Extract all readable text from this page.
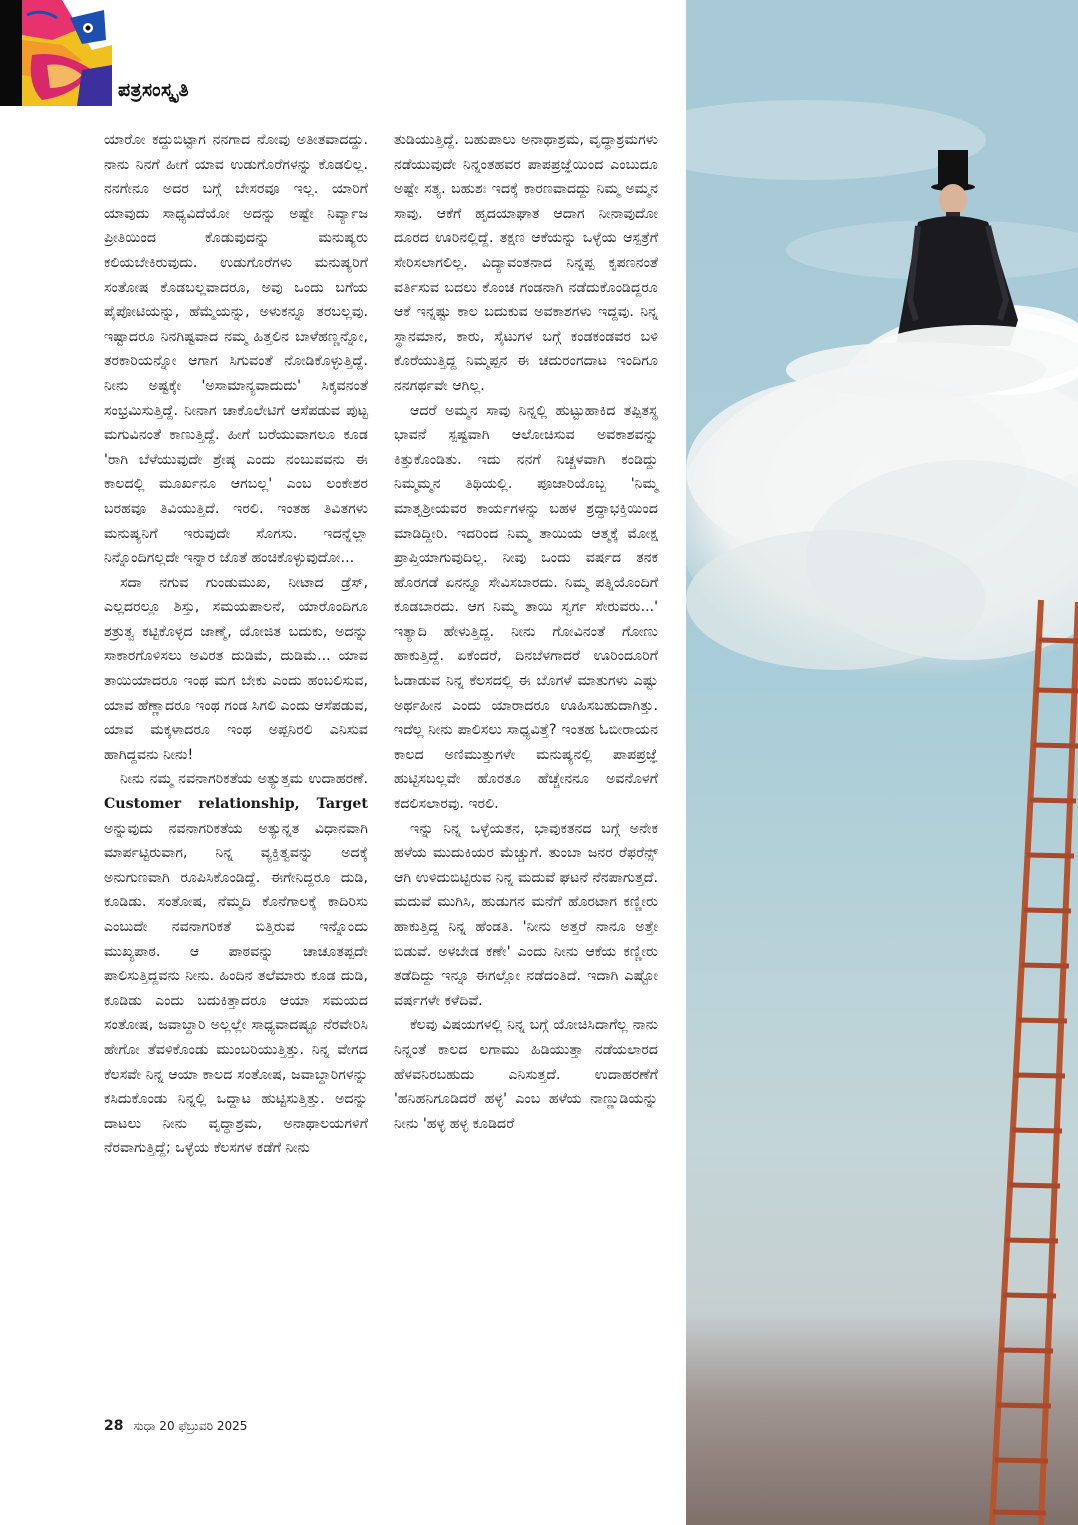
ಪತ್ರಸಂಸ್ಕೃತಿ

ಯಾರೋ ಕದ್ದುಬಿಟ್ಟಾಗ ನನಗಾದ ನೋವು ಅತೀತವಾದದ್ದು. ನಾನು ನಿನಗೆ ಹೀಗೆ ಯಾವ ಉಡುಗೊರೆಗಳನ್ನು ಕೊಡಲಿಲ್ಲ. ನನಗೇನೂ ಅದರ ಬಗ್ಗೆ ಬೇಸರವೂ ಇಲ್ಲ. ಯಾರಿಗೆ ಯಾವುದು ಸಾಧ್ಯವಿದೆಯೋ ಅದನ್ನು ಅಷ್ಟೇ ನಿರ್ವ್ಯಾಜ ಪ್ರೀತಿಯಿಂದ ಕೊಡುವುದನ್ನು ಮನುಷ್ಯರು ಕಲಿಯಬೇಕಿರುವುದು. ಉಡುಗೊರೆಗಳು ಮನುಷ್ಯರಿಗೆ ಸಂತೋಷ ಕೊಡಬಲ್ಲವಾದರೂ, ಅವು ಒಂದು ಬಗೆಯ ಪೈಪೋಟಿಯನ್ನು, ಹೆಮ್ಮೆಯನ್ನು, ಅಳುಕನ್ನೂ ತರಬಲ್ಲವು. ಇಷ್ಟಾದರೂ ನಿನಗಿಷ್ಟವಾದ ನಮ್ಮ ಹಿತ್ತಲಿನ ಬಾಳೆಹಣ್ಣನ್ನೋ, ತರಕಾರಿಯನ್ನೋ ಆಗಾಗ ಸಿಗುವಂತೆ ನೋಡಿಕೊಳ್ಳುತ್ತಿದ್ದೆ. ನೀನು ಅಷ್ಟಕ್ಕೇ 'ಅಸಾಮಾನ್ಯವಾದುದು' ಸಿಕ್ಕವನಂತೆ ಸಂಭ್ರಮಿಸುತ್ತಿದ್ದೆ. ನೀನಾಗ ಚಾಕೊಲೇಟಿಗೆ ಆಸೆಪಡುವ ಪುಟ್ಟ ಮಗುವಿನಂತೆ ಕಾಣುತ್ತಿದ್ದೆ. ಹೀಗೆ ಬರೆಯುವಾಗಲೂ ಕೂಡ 'ರಾಗಿ ಬೆಳೆಯುವುದೇ ಶ್ರೇಷ್ಠ ಎಂದು ನಂಬುವವನು ಈ ಕಾಲದಲ್ಲಿ ಮೂರ್ಖನೂ ಆಗಬಲ್ಲ' ಎಂಬ ಲಂಕೇಶರ ಬರಹವೂ ತಿವಿಯುತ್ತಿದೆ. ಇರಲಿ. ಇಂತಹ ತಿವಿತಗಳು ಮನುಷ್ಯನಿಗೆ ಇರುವುದೇ ಸೊಗಸು. ಇದನ್ನೆಲ್ಲಾ ನಿನ್ನೊಂದಿಗಲ್ಲದೇ ಇನ್ನಾರ ಜೊತೆ ಹಂಚಿಕೊಳ್ಳುವುದೋ...

ಸದಾ ನಗುವ ಗುಂಡುಮುಖ, ನೀಟಾದ ಡ್ರೆಸ್, ಎಲ್ಲದರಲ್ಲೂ ಶಿಸ್ತು, ಸಮಯಪಾಲನೆ, ಯಾರೊಂದಿಗೂ ಶತ್ರುತ್ವ ಕಟ್ಟಿಕೊಳ್ಳದ ಜಾಣ್ಮೆ, ಯೋಜಿತ ಬದುಕು, ಅದನ್ನು ಸಾಕಾರಗೊಳಿಸಲು ಅವಿರತ ದುಡಿಮೆ, ದುಡಿಮೆ... ಯಾವ ತಾಯಿಯಾದರೂ ಇಂಥ ಮಗ ಬೇಕು ಎಂದು ಹಂಬಲಿಸುವ, ಯಾವ ಹೆಣ್ಣಾದರೂ ಇಂಥ ಗಂಡ ಸಿಗಲಿ ಎಂದು ಆಸೆಪಡುವ, ಯಾವ ಮಕ್ಕಳಾದರೂ ಇಂಥ ಅಪ್ಪನಿರಲಿ ಎನಿಸುವ ಹಾಗಿದ್ದವನು ನೀನು!

ನೀನು ನಮ್ಮ ನವನಾಗರಿಕತೆಯ ಅತ್ಯುತ್ತಮ ಉದಾಹರಣೆ. Customer relationship, Target ಅನ್ನುವುದು ನವನಾಗರಿಕತೆಯ ಅತ್ಯುನ್ನತ ವಿಧಾನವಾಗಿ ಮಾರ್ಪಟ್ಟಿರುವಾಗ, ನಿನ್ನ ವ್ಯಕ್ತಿತ್ವವನ್ನು ಅದಕ್ಕೆ ಅನುಗುಣವಾಗಿ ರೂಪಿಸಿಕೊಂಡಿದ್ದೆ. ಈಗೇನಿದ್ದರೂ ದುಡಿ, ಕೂಡಿಡು. ಸಂತೋಷ, ನೆಮ್ಮದಿ ಕೊನೆಗಾಲಕ್ಕೆ ಕಾದಿರಿಸು ಎಂಬುದೇ ನವನಾಗರಿಕತೆ ಬಿತ್ತಿರುವ ಇನ್ನೊಂದು ಮುಖ್ಯಪಾಠ. ಆ ಪಾಠವನ್ನು ಚಾಚೂತಪ್ಪದೇ ಪಾಲಿಸುತ್ತಿದ್ದವನು ನೀನು. ಹಿಂದಿನ ತಲೆಮಾರು ಕೂಡ ದುಡಿ, ಕೂಡಿಡು ಎಂದು ಬದುಕಿತ್ತಾದರೂ ಆಯಾ ಸಮಯದ ಸಂತೋಷ, ಜವಾಬ್ದಾರಿ ಅಲ್ಲಲ್ಲೇ ಸಾಧ್ಯವಾದಷ್ಟೂ ನೆರವೇರಿಸಿ ಹೇಗೋ ತೆವಳಿಕೊಂಡು ಮುಂಬರಿಯುತ್ತಿತ್ತು. ನಿನ್ನ ವೇಗದ ಕೆಲಸವೇ ನಿನ್ನ ಆಯಾ ಕಾಲದ ಸಂತೋಷ, ಜವಾಬ್ದಾರಿಗಳನ್ನು ಕಸಿದುಕೊಂಡು ನಿನ್ನಲ್ಲಿ ಒದ್ದಾಟ ಹುಟ್ಟಿಸುತ್ತಿತ್ತು. ಅದನ್ನು ದಾಟಲು ನೀನು ವೃದ್ಧಾಶ್ರಮ, ಅನಾಥಾಲಯಗಳಿಗೆ ನೆರವಾಗುತ್ತಿದ್ದೆ; ಒಳ್ಳೆಯ ಕೆಲಸಗಳ ಕಡೆಗೆ ನೀನು

ತುಡಿಯುತ್ತಿದ್ದೆ. ಬಹುಪಾಲು ಅನಾಥಾಶ್ರಮ, ವೃದ್ಧಾಶ್ರಮಗಳು ನಡೆಯುವುದೇ ನಿನ್ನಂತಹವರ ಪಾಪಪ್ರಜ್ಞೆಯಿಂದ ಎಂಬುದೂ ಅಷ್ಟೇ ಸತ್ಯ. ಬಹುಶಃ ಇದಕ್ಕೆ ಕಾರಣವಾದದ್ದು ನಿಮ್ಮ ಅಮ್ಮನ ಸಾವು. ಆಕೆಗೆ ಹೃದಯಾಘಾತ ಆದಾಗ ನೀನಾವುದೋ ದೂರದ ಊರಿನಲ್ಲಿದ್ದೆ. ತಕ್ಷಣ ಆಕೆಯನ್ನು ಒಳ್ಳೆಯ ಆಸ್ಪತ್ರೆಗೆ ಸೇರಿಸಲಾಗಲಿಲ್ಲ. ವಿದ್ಯಾವಂತನಾದ ನಿನ್ನಪ್ಪ ಕೃಪಣನಂತೆ ವರ್ತಿಸುವ ಬದಲು ಕೊಂಚ ಗಂಡನಾಗಿ ನಡೆದುಕೊಂಡಿದ್ದರೂ ಆಕೆ ಇನ್ನಷ್ಟು ಕಾಲ ಬದುಕುವ ಅವಕಾಶಗಳು ಇದ್ದವು. ನಿನ್ನ ಸ್ಥಾನಮಾನ, ಕಾರು, ಸೈಟುಗಳ ಬಗ್ಗೆ ಕಂಡಕಂಡವರ ಬಳಿ ಕೊರೆಯುತ್ತಿದ್ದ ನಿಮ್ಮಪ್ಪನ ಈ ಚದುರಂಗದಾಟ ಇಂದಿಗೂ ನನಗರ್ಥವೇ ಆಗಿಲ್ಲ.

ಆದರೆ ಅಮ್ಮನ ಸಾವು ನಿನ್ನಲ್ಲಿ ಹುಟ್ಟುಹಾಕಿದ ತಪ್ಪಿತಸ್ಥ ಭಾವನೆ ಸ್ಪಷ್ಟವಾಗಿ ಆಲೋಚಿಸುವ ಅವಕಾಶವನ್ನು ಕಿತ್ತುಕೊಂಡಿತು. ಇದು ನನಗೆ ನಿಚ್ಚಳವಾಗಿ ಕಂಡಿದ್ದು ನಿಮ್ಮಮ್ಮನ ತಿಥಿಯಲ್ಲಿ. ಪೂಜಾರಿಯೊಬ್ಬ 'ನಿಮ್ಮ ಮಾತೃಶ್ರೀಯವರ ಕಾರ್ಯಗಳನ್ನು ಬಹಳ ಶ್ರದ್ಧಾಭಕ್ತಿಯಿಂದ ಮಾಡಿದ್ದೀರಿ. ಇದರಿಂದ ನಿಮ್ಮ ತಾಯಿಯ ಆತ್ಮಕ್ಕೆ ಮೋಕ್ಷ ಪ್ರಾಪ್ತಿಯಾಗುವುದಿಲ್ಲ. ನೀವು ಒಂದು ವರ್ಷದ ತನಕ ಹೊರಗಡೆ ಏನನ್ನೂ ಸೇವಿಸಬಾರದು. ನಿಮ್ಮ ಪತ್ನಿಯೊಂದಿಗೆ ಕೂಡಬಾರದು. ಆಗ ನಿಮ್ಮ ತಾಯಿ ಸ್ವರ್ಗ ಸೇರುವರು...' ಇತ್ಯಾದಿ ಹೇಳುತ್ತಿದ್ದ. ನೀನು ಗೋವಿನಂತೆ ಗೋಣು ಹಾಕುತ್ತಿದ್ದೆ. ಏಕೆಂದರೆ, ದಿನಬೆಳಗಾದರೆ ಊರಿಂದೂರಿಗೆ ಓಡಾಡುವ ನಿನ್ನ ಕೆಲಸದಲ್ಲಿ ಈ ಬೊಗಳೆ ಮಾತುಗಳು ಎಷ್ಟು ಅರ್ಥಹೀನ ಎಂದು ಯಾರಾದರೂ ಊಹಿಸಬಹುದಾಗಿತ್ತು. ಇದೆಲ್ಲ ನೀನು ಪಾಲಿಸಲು ಸಾಧ್ಯವಿತ್ತೆ? ಇಂತಹ ಓಬೀರಾಯನ ಕಾಲದ ಅಣಿಮುತ್ತುಗಳೇ ಮನುಷ್ಯನಲ್ಲಿ ಪಾಪಪ್ರಜ್ಞೆ ಹುಟ್ಟಿಸಬಲ್ಲವೇ ಹೊರತೂ ಹೆಚ್ಚೇನನೂ ಅವನೊಳಗೆ ಕದಲಿಸಲಾರವು. ಇರಲಿ.

ಇನ್ನು ನಿನ್ನ ಒಳ್ಳೆಯತನ, ಭಾವುಕತನದ ಬಗ್ಗೆ ಅನೇಕ ಹಳೆಯ ಮುದುಕಿಯರ ಮೆಚ್ಚುಗೆ. ತುಂಬಾ ಜನರ ರೆಫರೆನ್ಸ್ ಆಗಿ ಉಳಿದುಬಿಟ್ಟಿರುವ ನಿನ್ನ ಮದುವೆ ಘಟನೆ ನೆನಪಾಗುತ್ತದೆ. ಮದುವೆ ಮುಗಿಸಿ, ಹುಡುಗನ ಮನೆಗೆ ಹೊರಟಾಗ ಕಣ್ಣೀರು ಹಾಕುತ್ತಿದ್ದ ನಿನ್ನ ಹೆಂಡತಿ. 'ನೀನು ಅತ್ತರೆ ನಾನೂ ಅತ್ತೇ ಬಿಡುವೆ. ಅಳಬೇಡ ಕಣೇ' ಎಂದು ನೀನು ಆಕೆಯ ಕಣ್ಣೀರು ತಡೆದಿದ್ದು ಇನ್ನೂ ಈಗಲ್ಲೋ ನಡೆದಂತಿದೆ. ಇದಾಗಿ ಎಷ್ಟೋ ವರ್ಷಗಳೇ ಕಳೆದಿವೆ.

ಕೆಲವು ವಿಷಯಗಳಲ್ಲಿ ನಿನ್ನ ಬಗ್ಗೆ ಯೋಚಿಸಿದಾಗೆಲ್ಲ ನಾನು ನಿನ್ನಂತೆ ಕಾಲದ ಲಗಾಮು ಹಿಡಿಯುತ್ತಾ ನಡೆಯಲಾರದ ಹೆಳವನಿರಬಹುದು ಎನಿಸುತ್ತದೆ. ಉದಾಹರಣೆಗೆ 'ಹನಿಹನಿಗೂಡಿದರೆ ಹಳ್ಳ' ಎಂಬ ಹಳೆಯ ನಾಣ್ಣುಡಿಯನ್ನು ನೀನು 'ಹಳ್ಳ ಹಳ್ಳ ಕೂಡಿದರೆ

28 ಸುಧಾ 20 ಫೆಬ್ರುವರಿ 2025
